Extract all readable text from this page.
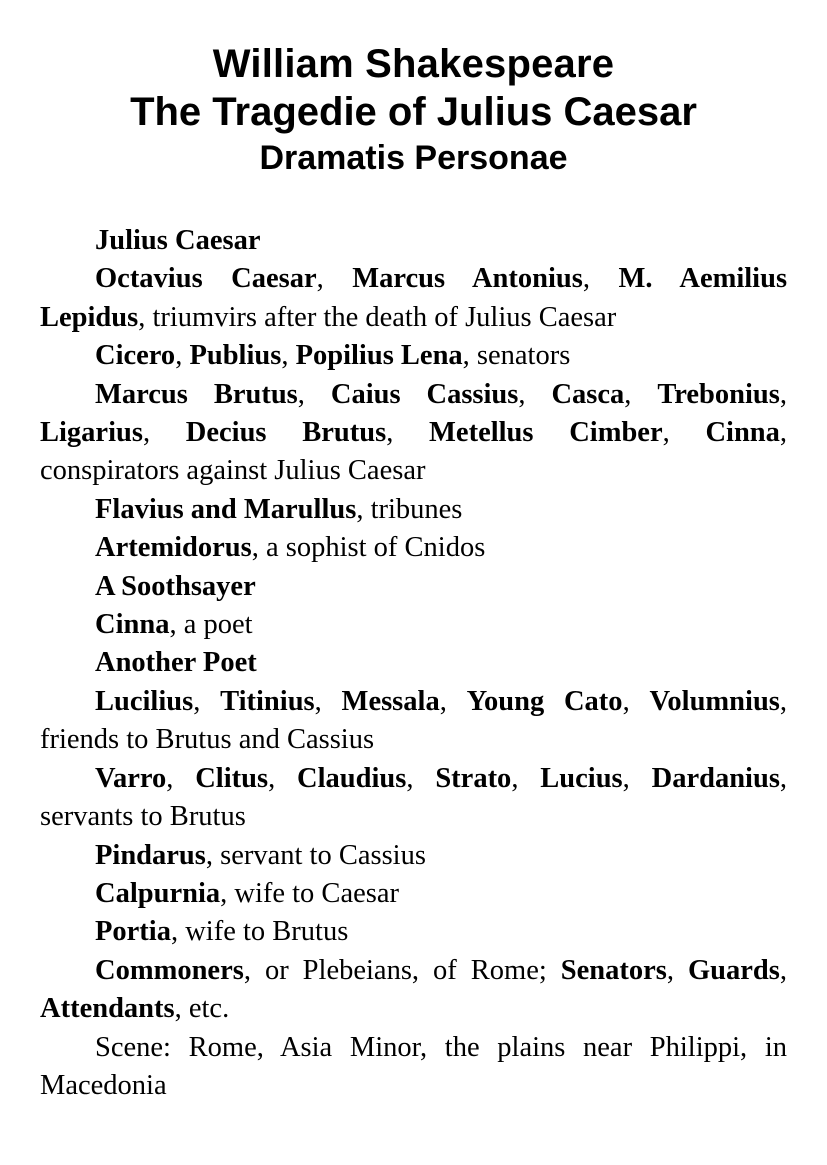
William Shakespeare
The Tragedie of Julius Caesar
Dramatis Personae

Julius Caesar

Octavius Caesar, Marcus Antonius, M. Aemilius Lepidus, triumvirs after the death of Julius Caesar

Cicero, Publius, Popilius Lena, senators

Marcus Brutus, Caius Cassius, Casca, Trebonius, Ligarius, Decius Brutus, Metellus Cimber, Cinna, conspirators against Julius Caesar

Flavius and Marullus, tribunes

Artemidorus, a sophist of Cnidos

A Soothsayer

Cinna, a poet

Another Poet

Lucilius, Titinius, Messala, Young Cato, Volumnius, friends to Brutus and Cassius

Varro, Clitus, Claudius, Strato, Lucius, Dardanius, servants to Brutus

Pindarus, servant to Cassius

Calpurnia, wife to Caesar

Portia, wife to Brutus

Commoners, or Plebeians, of Rome; Senators, Guards, Attendants, etc.

Scene: Rome, Asia Minor, the plains near Philippi, in Macedonia
